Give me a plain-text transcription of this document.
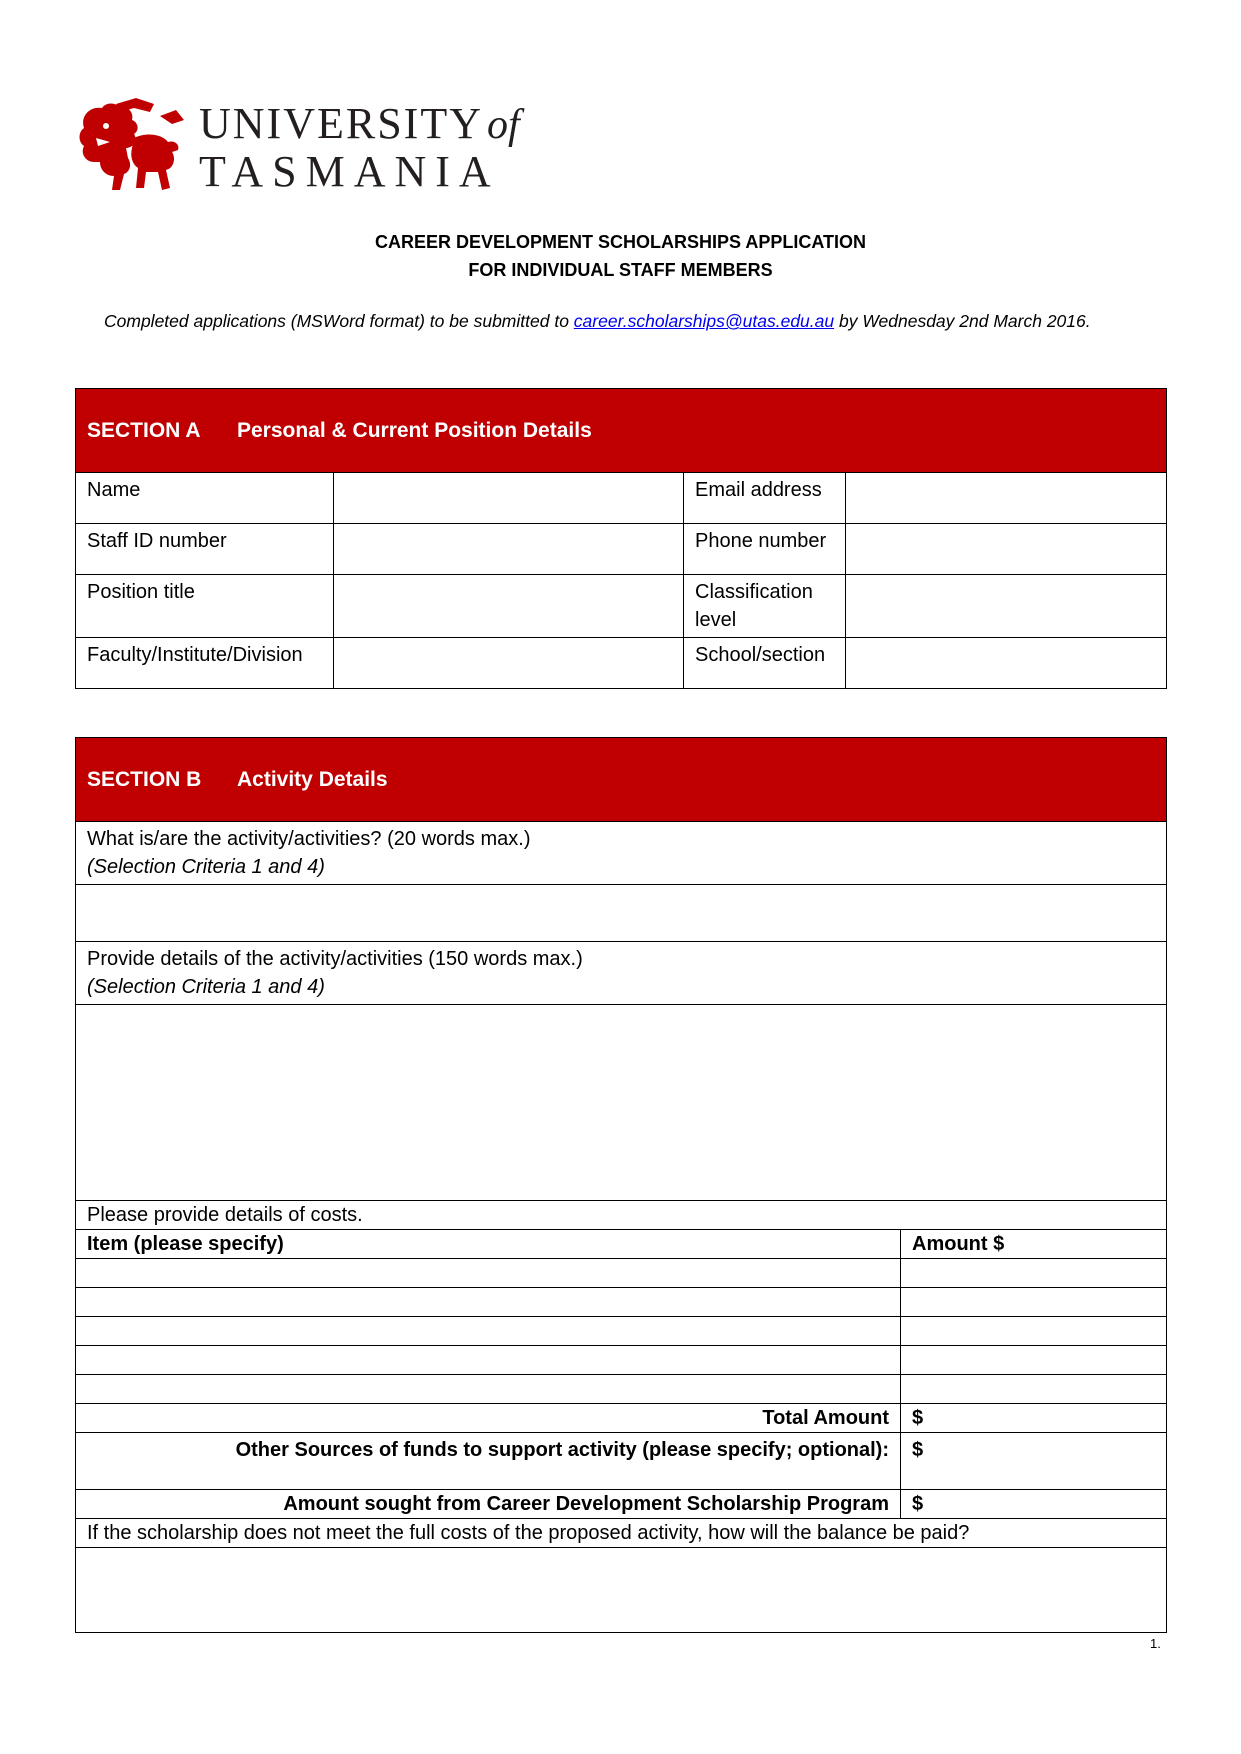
UNIVERSITYof
TASMANIA
CAREER DEVELOPMENT SCHOLARSHIPS APPLICATION
FOR INDIVIDUAL STAFF MEMBERS
Completed applications (MSWord format) to be submitted to career.scholarships@utas.edu.au by Wednesday 2nd March 2016.
SECTION A Personal & Current Position Details			
Name		Email address	
Staff ID number		Phone number	
Position title		Classification level	
Faculty/Institute/Division		School/section	
SECTION B Activity Details	

What is/are the activity/activities? (20 words max.)
(Selection Criteria 1 and 4)	

Provide details of the activity/activities (150 words max.)
(Selection Criteria 1 and 4)	

Please provide details of costs.	
Item (please specify)	Amount $

Total Amount	$
Other Sources of funds to support activity (please specify; optional):	$
Amount sought from Career Development Scholarship Program	$
If the scholarship does not meet the full costs of the proposed activity, how will the balance be paid?	

1.
